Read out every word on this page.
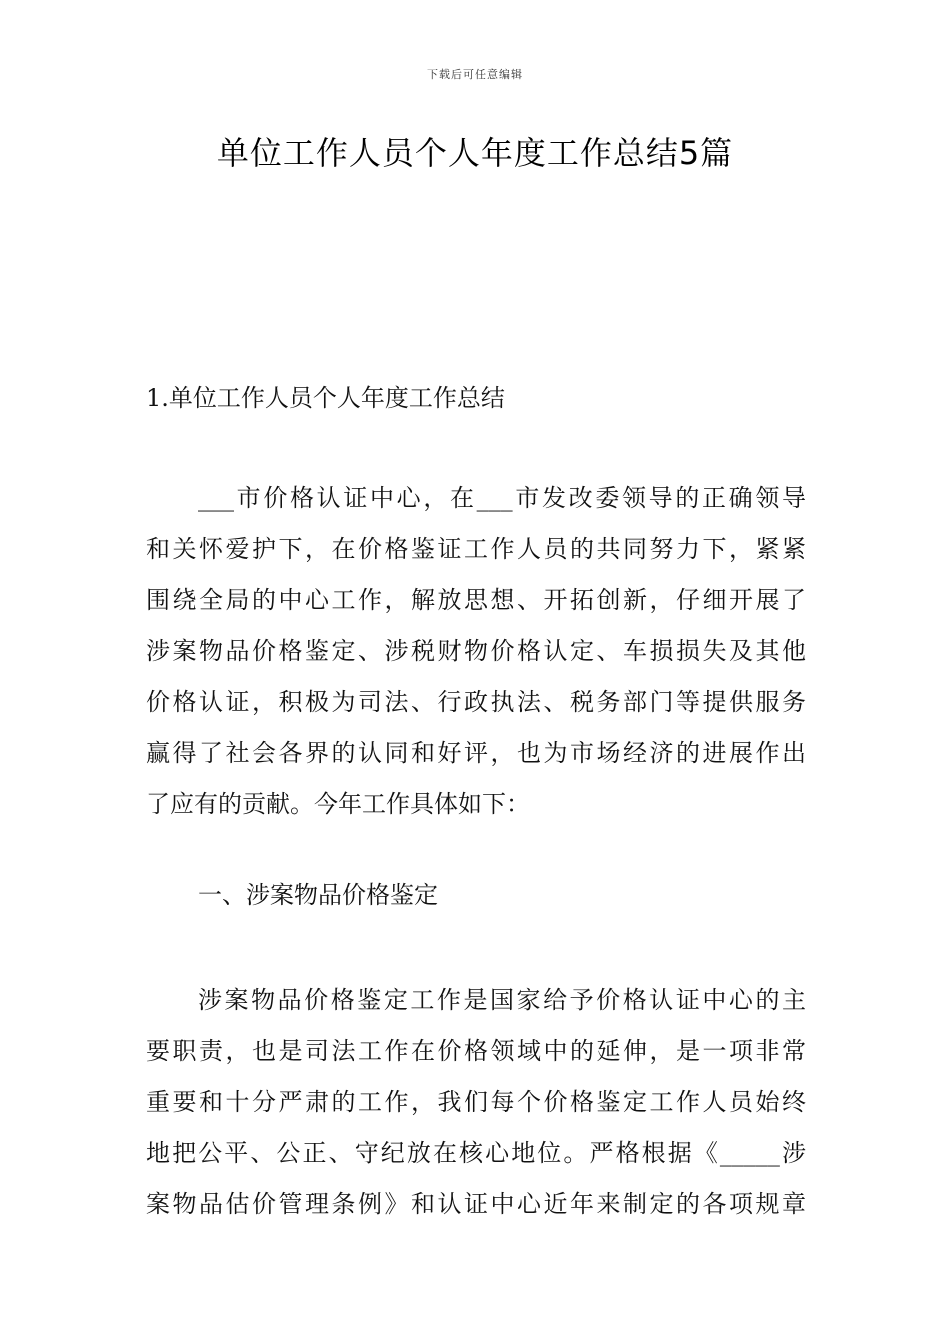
下载后可任意编辑
单位工作人员个人年度工作总结5篇

1.单位工作人员个人年度工作总结

___市价格认证中心，在___市发改委领导的正确领导
和关怀爱护下，在价格鉴证工作人员的共同努力下，紧紧
围绕全局的中心工作，解放思想、开拓创新，仔细开展了
涉案物品价格鉴定、涉税财物价格认定、车损损失及其他
价格认证，积极为司法、行政执法、税务部门等提供服务
赢得了社会各界的认同和好评，也为市场经济的进展作出
了应有的贡献。今年工作具体如下：

一、涉案物品价格鉴定

涉案物品价格鉴定工作是国家给予价格认证中心的主
要职责，也是司法工作在价格领域中的延伸，是一项非常
重要和十分严肃的工作，我们每个价格鉴定工作人员始终
地把公平、公正、守纪放在核心地位。严格根据《_____涉
案物品估价管理条例》和认证中心近年来制定的各项规章
